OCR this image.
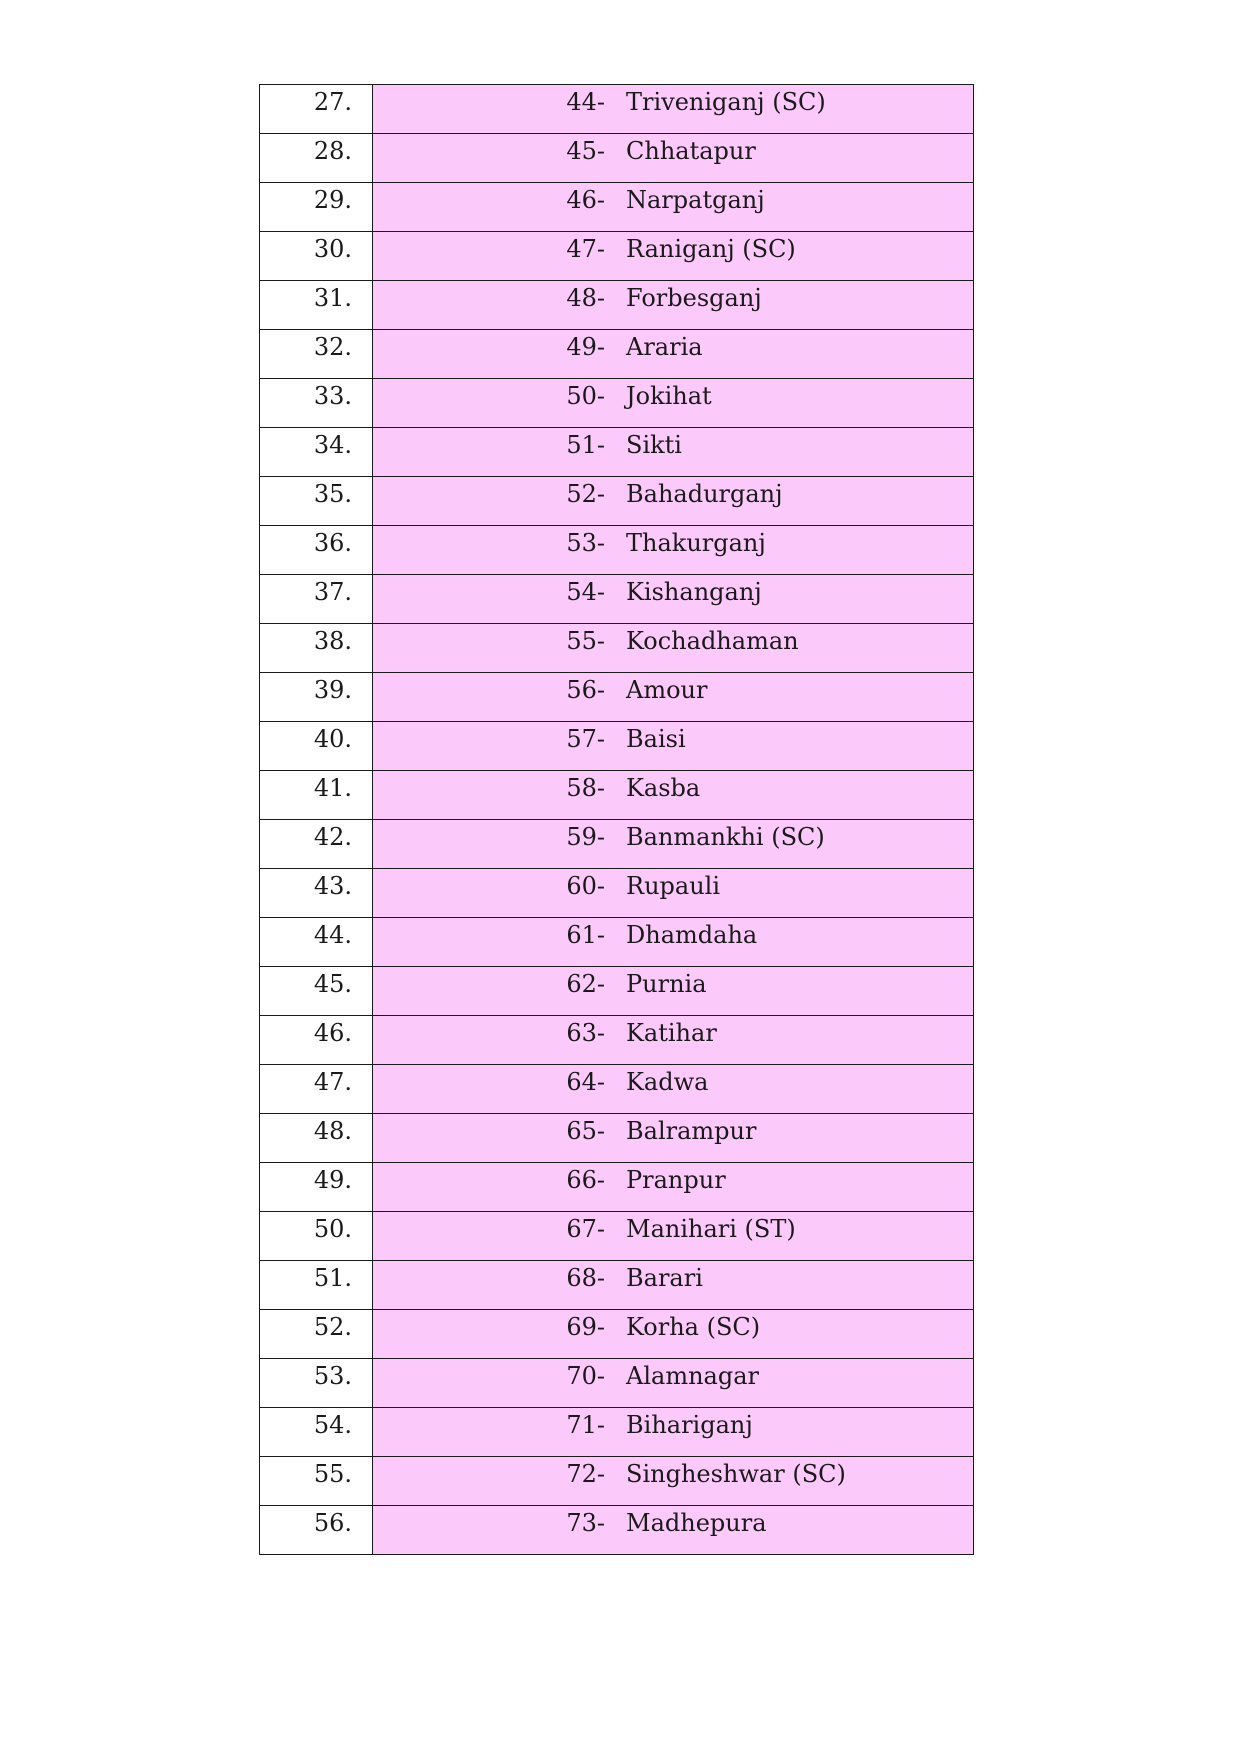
27.	44- Triveniganj (SC)

28.	45- Chhatapur

29.	46- Narpatganj

30.	47- Raniganj (SC)

31.	48- Forbesganj

32.	49- Araria

33.	50- Jokihat

34.	51- Sikti

35.	52- Bahadurganj

36.	53- Thakurganj

37.	54- Kishanganj

38.	55- Kochadhaman

39.	56- Amour

40.	57- Baisi

41.	58- Kasba

42.	59- Banmankhi (SC)

43.	60- Rupauli

44.	61- Dhamdaha

45.	62- Purnia

46.	63- Katihar

47.	64- Kadwa

48.	65- Balrampur

49.	66- Pranpur

50.	67- Manihari (ST)

51.	68- Barari

52.	69- Korha (SC)

53.	70- Alamnagar

54.	71- Bihariganj

55.	72- Singheshwar (SC)

56.	73- Madhepura
